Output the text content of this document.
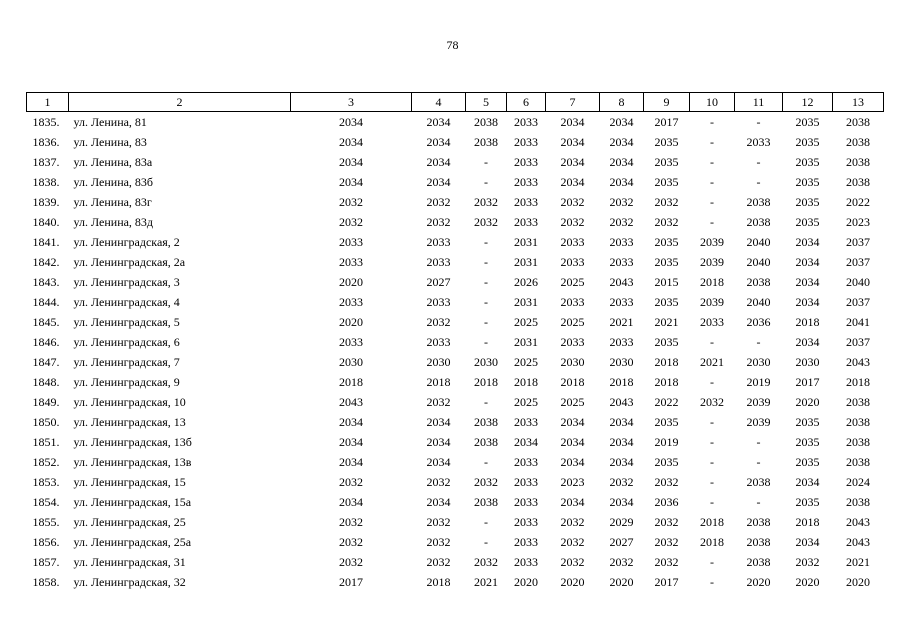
78
1	2	3	4	5	6	7	8	9	10	11	12	13
1835.	ул. Ленина, 81	2034	2034	2038	2033	2034	2034	2017	-	-	2035	2038
1836.	ул. Ленина, 83	2034	2034	2038	2033	2034	2034	2035	-	2033	2035	2038
1837.	ул. Ленина, 83а	2034	2034	-	2033	2034	2034	2035	-	-	2035	2038
1838.	ул. Ленина, 83б	2034	2034	-	2033	2034	2034	2035	-	-	2035	2038
1839.	ул. Ленина, 83г	2032	2032	2032	2033	2032	2032	2032	-	2038	2035	2022
1840.	ул. Ленина, 83д	2032	2032	2032	2033	2032	2032	2032	-	2038	2035	2023
1841.	ул. Ленинградская, 2	2033	2033	-	2031	2033	2033	2035	2039	2040	2034	2037
1842.	ул. Ленинградская, 2а	2033	2033	-	2031	2033	2033	2035	2039	2040	2034	2037
1843.	ул. Ленинградская, 3	2020	2027	-	2026	2025	2043	2015	2018	2038	2034	2040
1844.	ул. Ленинградская, 4	2033	2033	-	2031	2033	2033	2035	2039	2040	2034	2037
1845.	ул. Ленинградская, 5	2020	2032	-	2025	2025	2021	2021	2033	2036	2018	2041
1846.	ул. Ленинградская, 6	2033	2033	-	2031	2033	2033	2035	-	-	2034	2037
1847.	ул. Ленинградская, 7	2030	2030	2030	2025	2030	2030	2018	2021	2030	2030	2043
1848.	ул. Ленинградская, 9	2018	2018	2018	2018	2018	2018	2018	-	2019	2017	2018
1849.	ул. Ленинградская, 10	2043	2032	-	2025	2025	2043	2022	2032	2039	2020	2038
1850.	ул. Ленинградская, 13	2034	2034	2038	2033	2034	2034	2035	-	2039	2035	2038
1851.	ул. Ленинградская, 13б	2034	2034	2038	2034	2034	2034	2019	-	-	2035	2038
1852.	ул. Ленинградская, 13в	2034	2034	-	2033	2034	2034	2035	-	-	2035	2038
1853.	ул. Ленинградская, 15	2032	2032	2032	2033	2023	2032	2032	-	2038	2034	2024
1854.	ул. Ленинградская, 15а	2034	2034	2038	2033	2034	2034	2036	-	-	2035	2038
1855.	ул. Ленинградская, 25	2032	2032	-	2033	2032	2029	2032	2018	2038	2018	2043
1856.	ул. Ленинградская, 25а	2032	2032	-	2033	2032	2027	2032	2018	2038	2034	2043
1857.	ул. Ленинградская, 31	2032	2032	2032	2033	2032	2032	2032	-	2038	2032	2021
1858.	ул. Ленинградская, 32	2017	2018	2021	2020	2020	2020	2017	-	2020	2020	2020
